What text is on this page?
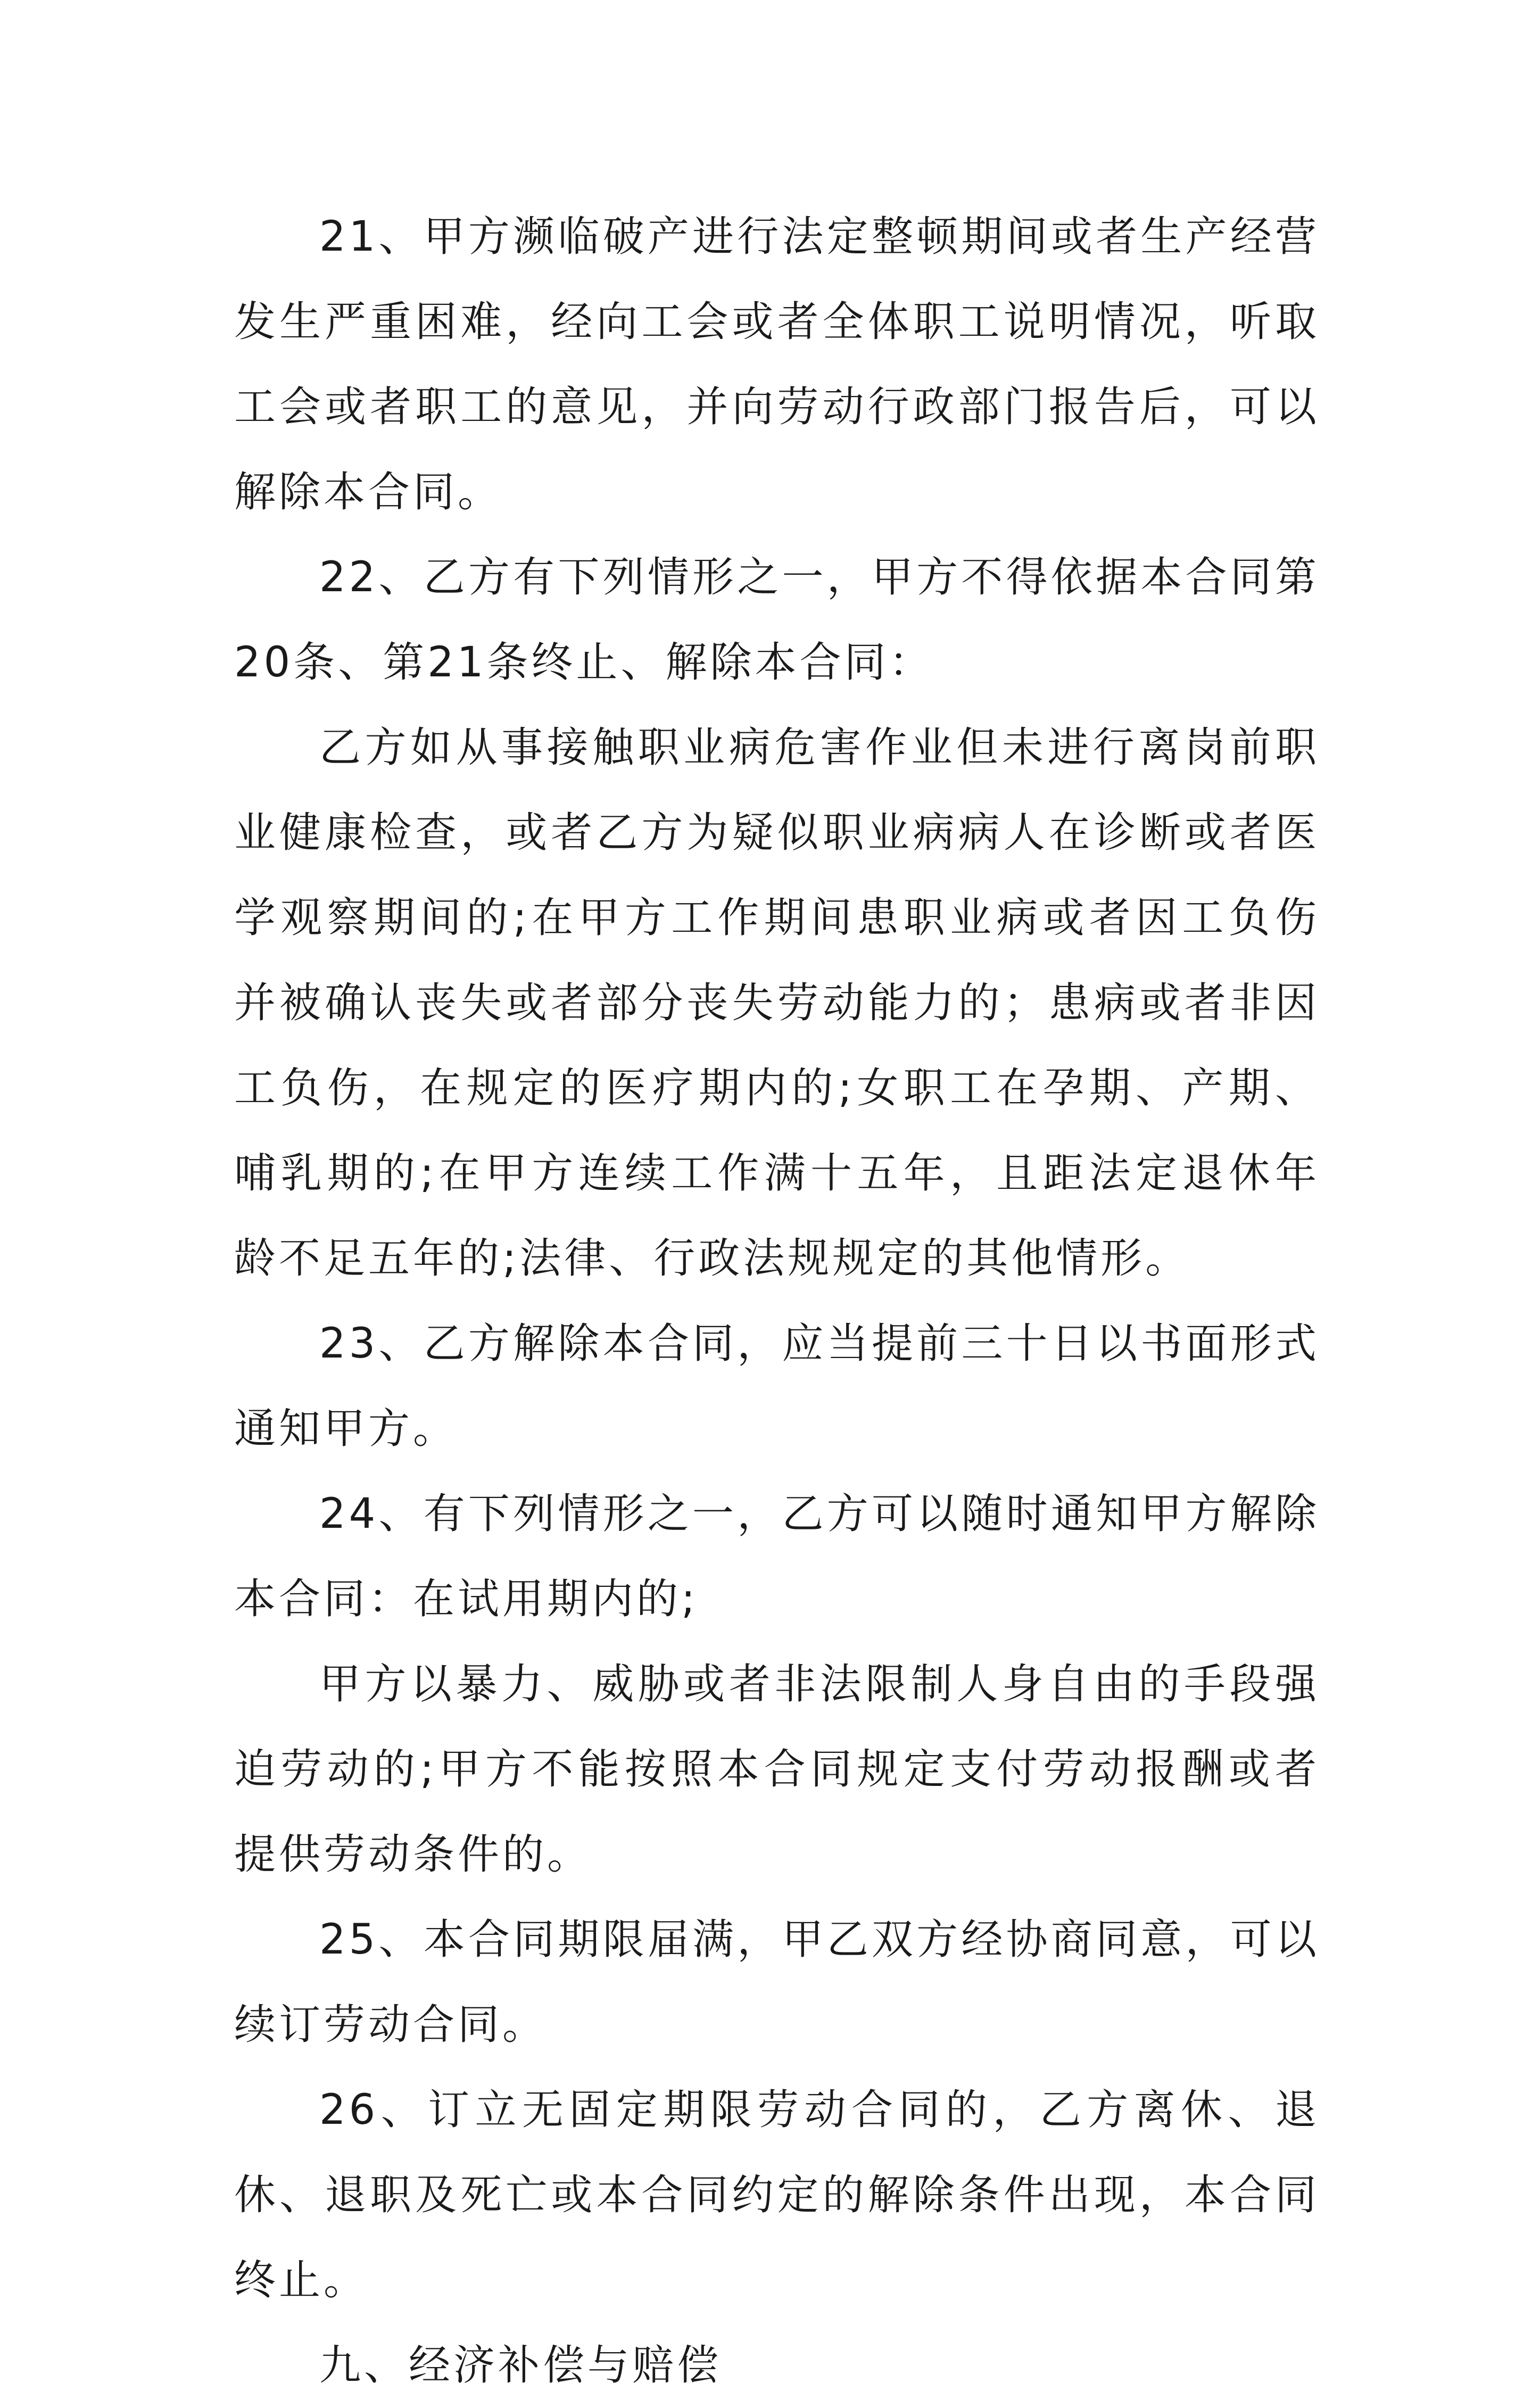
21、甲方濒临破产进行法定整顿期间或者生产经营发生严重困难，经向工会或者全体职工说明情况，听取工会或者职工的意见，并向劳动行政部门报告后，可以解除本合同。

22、乙方有下列情形之一，甲方不得依据本合同第20条、第21条终止、解除本合同：

乙方如从事接触职业病危害作业但未进行离岗前职业健康检查，或者乙方为疑似职业病病人在诊断或者医学观察期间的;在甲方工作期间患职业病或者因工负伤并被确认丧失或者部分丧失劳动能力的；患病或者非因工负伤，在规定的医疗期内的;女职工在孕期、产期、哺乳期的;在甲方连续工作满十五年，且距法定退休年龄不足五年的;法律、行政法规规定的其他情形。

23、乙方解除本合同，应当提前三十日以书面形式通知甲方。

24、有下列情形之一，乙方可以随时通知甲方解除本合同：在试用期内的;

甲方以暴力、威胁或者非法限制人身自由的手段强迫劳动的;甲方不能按照本合同规定支付劳动报酬或者提供劳动条件的。

25、本合同期限届满，甲乙双方经协商同意，可以续订劳动合同。

26、订立无固定期限劳动合同的，乙方离休、退休、退职及死亡或本合同约定的解除条件出现，本合同终止。

九、经济补偿与赔偿
